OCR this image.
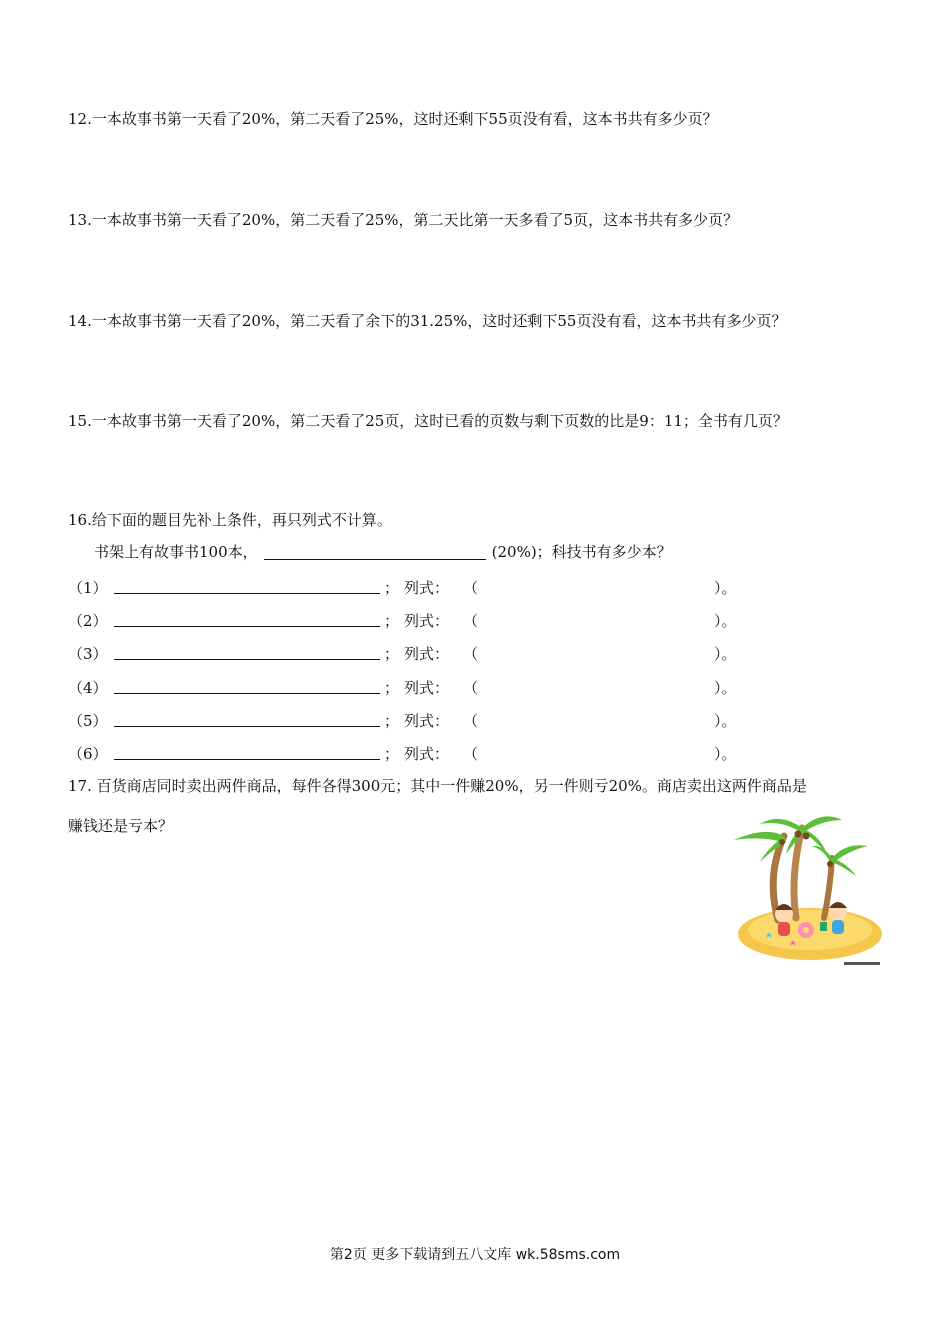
12.一本故事书第一天看了20%，第二天看了25%，这时还剩下55页没有看，这本书共有多少页？
13.一本故事书第一天看了20%，第二天看了25%，第二天比第一天多看了5页，这本书共有多少页？
14.一本故事书第一天看了20%，第二天看了余下的31.25%，这时还剩下55页没有看，这本书共有多少页？
15.一本故事书第一天看了20%，第二天看了25页，这时已看的页数与剩下页数的比是9：11；全书有几页？
16.给下面的题目先补上条件，再只列式不计算。
书架上有故事书100本，	(20%)；科技书有多少本？
（1）	； 列式： （	）。
（2）	； 列式： （	）。
（3）	； 列式： （	）。
（4）	； 列式： （	）。
（5）	； 列式： （	）。
（6）	； 列式： （	）。
17. 百货商店同时卖出两件商品，每件各得300元；其中一件赚20%，另一件则亏20%。商店卖出这两件商品是
赚钱还是亏本？
第2页 更多下载请到五八文库 wk.58sms.com
